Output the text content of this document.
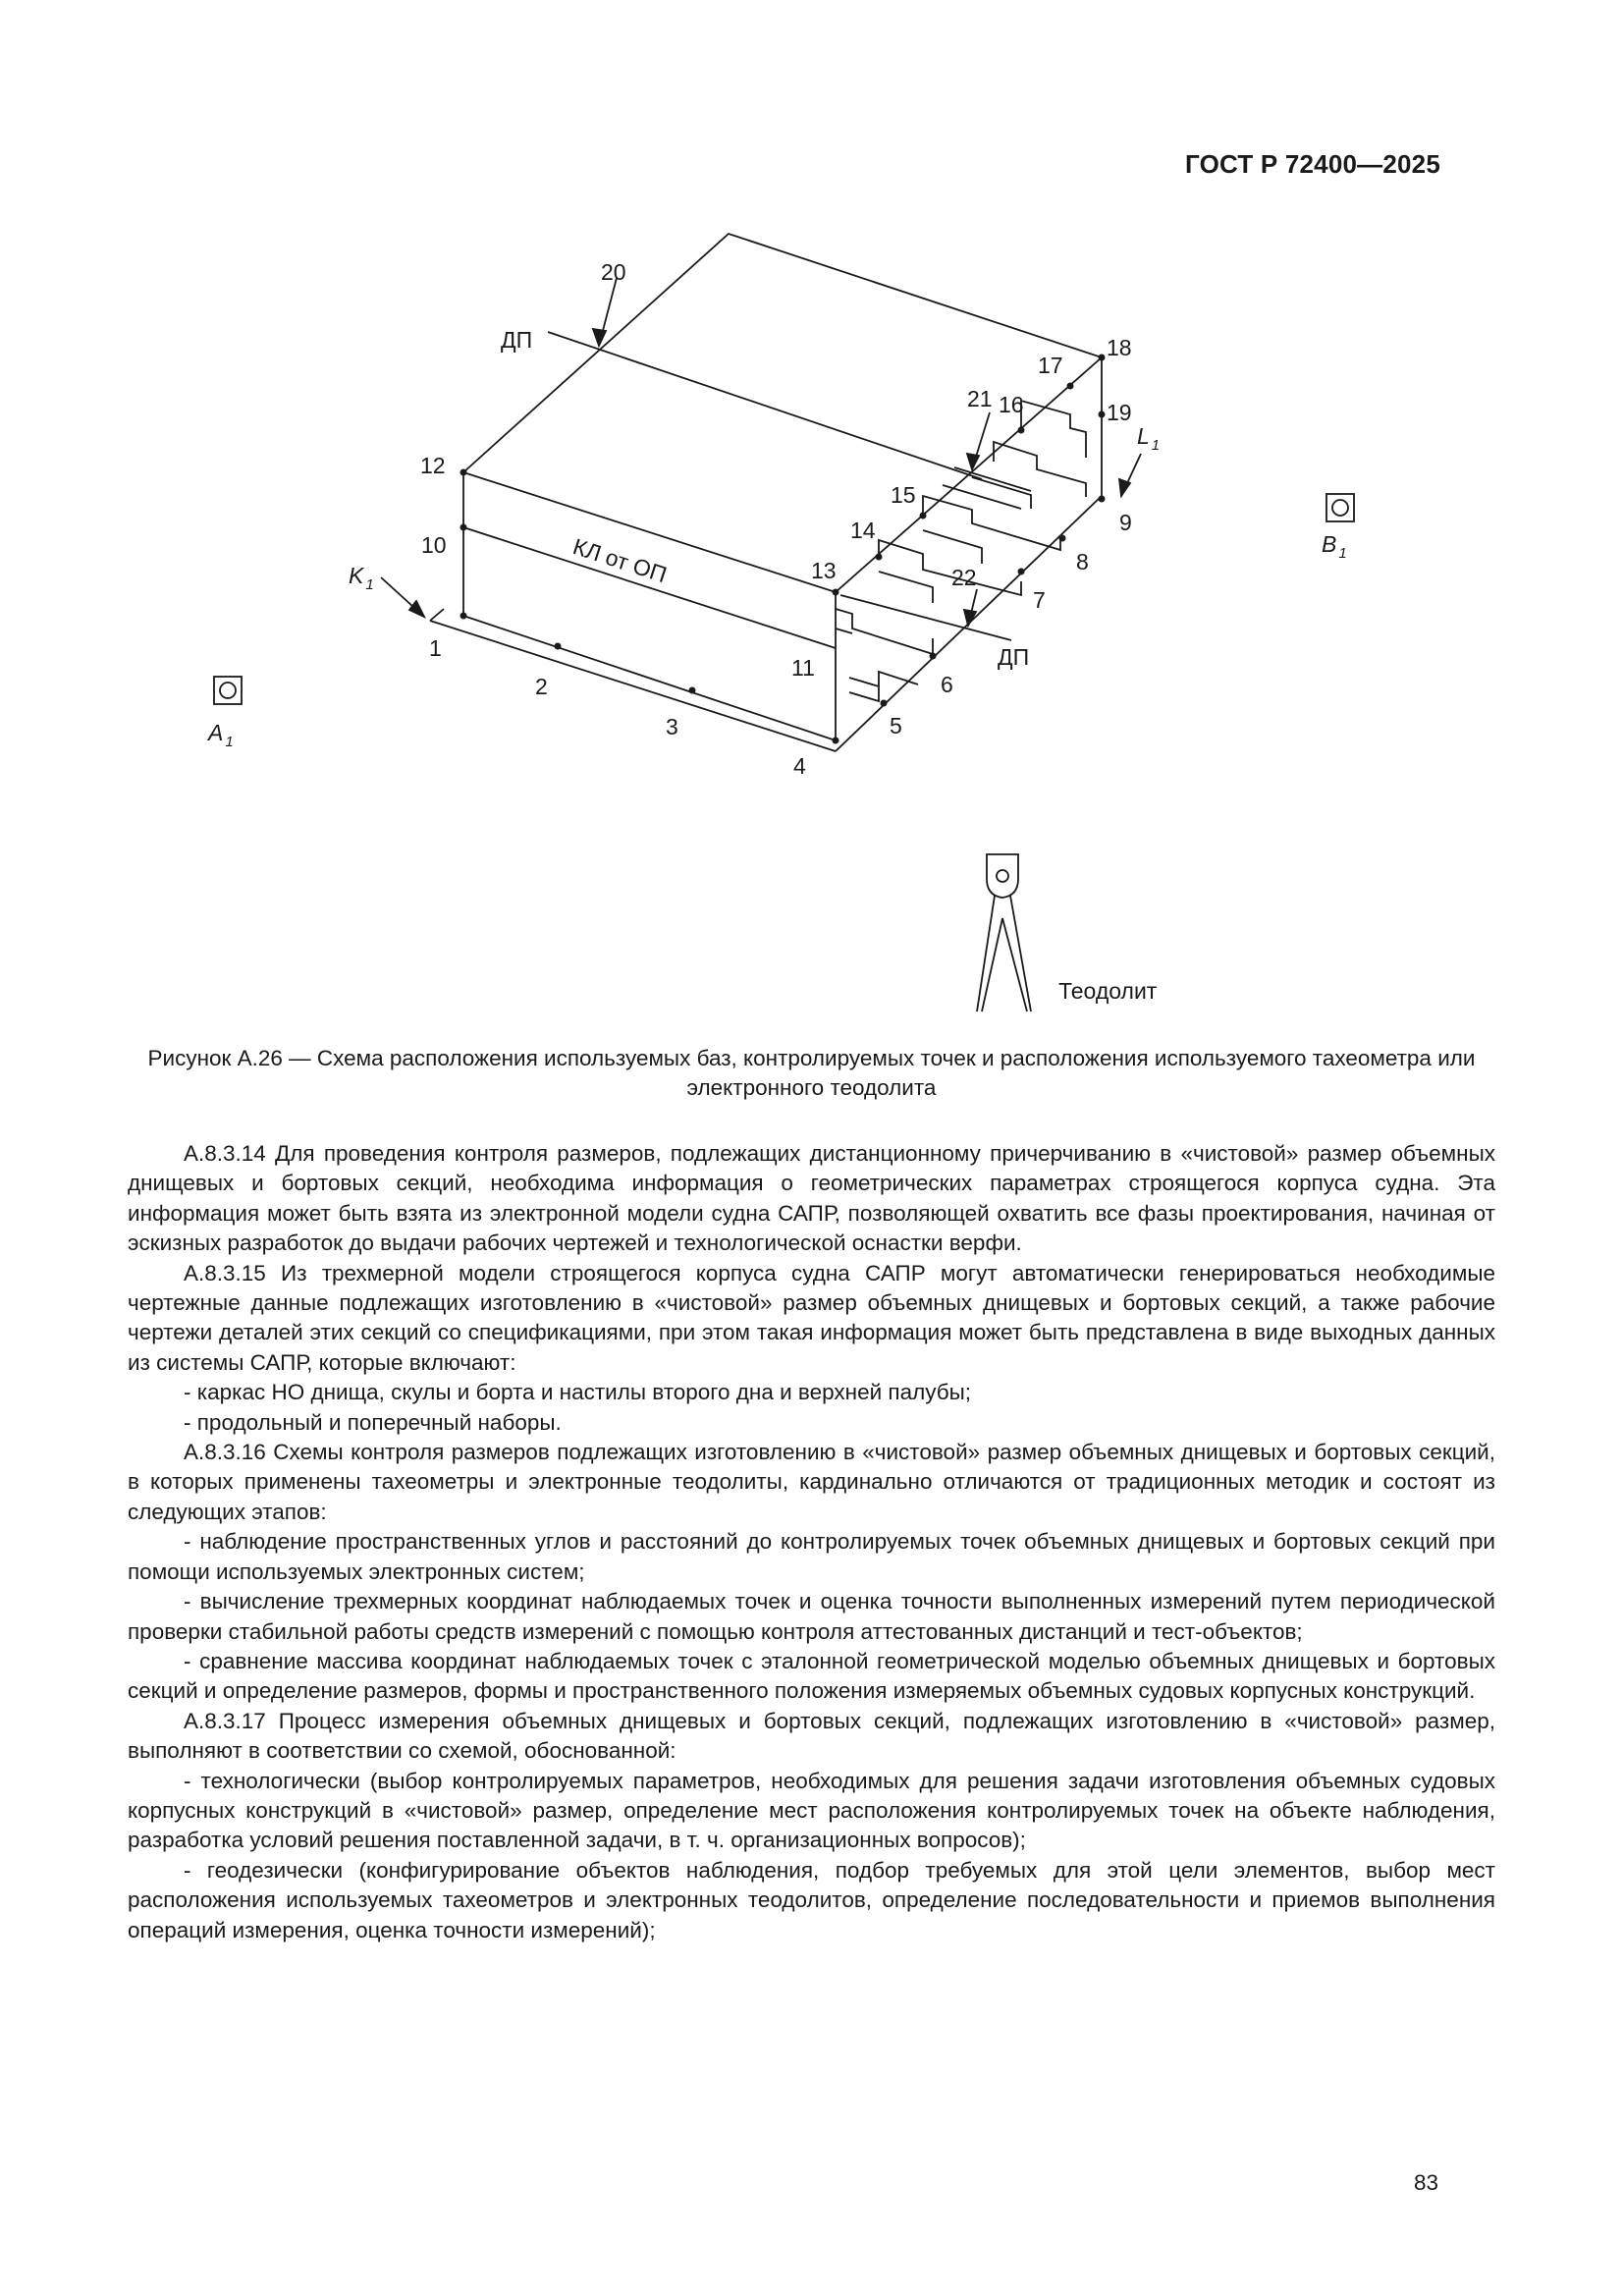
ГОСТ Р 72400—2025
1
2
3
4
5
6
7
8
9
10
11
12
13
14
15
16
17
18
19
20
21
22
ДП
ДП
КЛ от ОП
K $_1$
L $_1$
A $_1$
B $_1$
Теодолит
Рисунок А.26 — Схема расположения используемых баз, контролируемых точек и расположения используемого тахеометра или электронного теодолита

А.8.3.14 Для проведения контроля размеров, подлежащих дистанционному причерчиванию в «чистовой» размер объемных днищевых и бортовых секций, необходима информация о геометрических параметрах строящегося корпуса судна. Эта информация может быть взята из электронной модели судна САПР, позволяющей охватить все фазы проектирования, начиная от эскизных разработок до выдачи рабочих чертежей и технологической оснастки верфи.

А.8.3.15 Из трехмерной модели строящегося корпуса судна САПР могут автоматически генерироваться необходимые чертежные данные подлежащих изготовлению в «чистовой» размер объемных днищевых и бортовых секций, а также рабочие чертежи деталей этих секций со спецификациями, при этом такая информация может быть представлена в виде выходных данных из системы САПР, которые включают:

- каркас НО днища, скулы и борта и настилы второго дна и верхней палубы;

- продольный и поперечный наборы.

А.8.3.16 Схемы контроля размеров подлежащих изготовлению в «чистовой» размер объемных днищевых и бортовых секций, в которых применены тахеометры и электронные теодолиты, кардинально отличаются от традиционных методик и состоят из следующих этапов:

- наблюдение пространственных углов и расстояний до контролируемых точек объемных днищевых и бортовых секций при помощи используемых электронных систем;

- вычисление трехмерных координат наблюдаемых точек и оценка точности выполненных измерений путем периодической проверки стабильной работы средств измерений с помощью контроля аттестованных дистанций и тест-объектов;

- сравнение массива координат наблюдаемых точек с эталонной геометрической моделью объемных днищевых и бортовых секций и определение размеров, формы и пространственного положения измеряемых объемных судовых корпусных конструкций.

А.8.3.17 Процесс измерения объемных днищевых и бортовых секций, подлежащих изготовлению в «чистовой» размер, выполняют в соответствии со схемой, обоснованной:

- технологически (выбор контролируемых параметров, необходимых для решения задачи изготовления объемных судовых корпусных конструкций в «чистовой» размер, определение мест расположения контролируемых точек на объекте наблюдения, разработка условий решения поставленной задачи, в т. ч. организационных вопросов);

- геодезически (конфигурирование объектов наблюдения, подбор требуемых для этой цели элементов, выбор мест расположения используемых тахеометров и электронных теодолитов, определение последовательности и приемов выполнения операций измерения, оценка точности измерений);

83
